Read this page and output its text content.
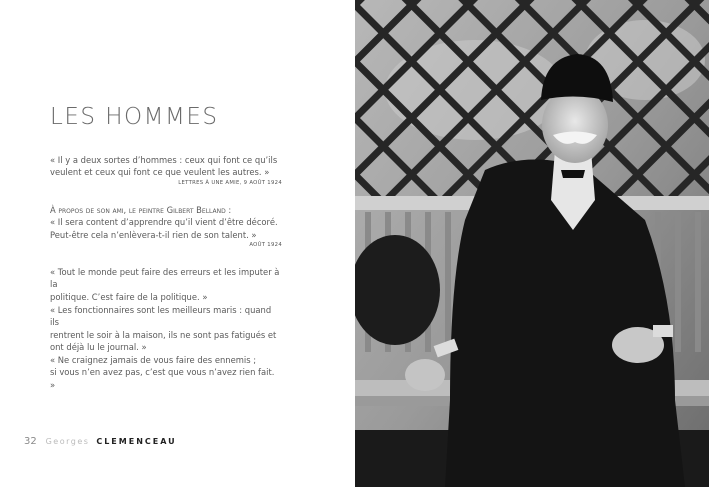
LES HOMMES

« Il y a deux sortes d’hommes : ceux qui font ce qu’ils

veulent et ceux qui font ce que veulent les autres. »

LETTRES À UNE AMIE, 9 AOÛT 1924

À propos de son ami, le peintre Gilbert Belland :

« Il sera content d’apprendre qu’il vient d’être décoré.

Peut-être cela n’enlèvera-t-il rien de son talent. »

AOÛT 1924

« Tout le monde peut faire des erreurs et les imputer à la

politique. C’est faire de la politique. »

« Les fonctionnaires sont les meilleurs maris : quand ils

rentrent le soir à la maison, ils ne sont pas fatigués et

ont déjà lu le journal. »

« Ne craignez jamais de vous faire des ennemis ;

si vous n’en avez pas, c’est que vous n’avez rien fait. »

32 Georges CLEMENCEAU
